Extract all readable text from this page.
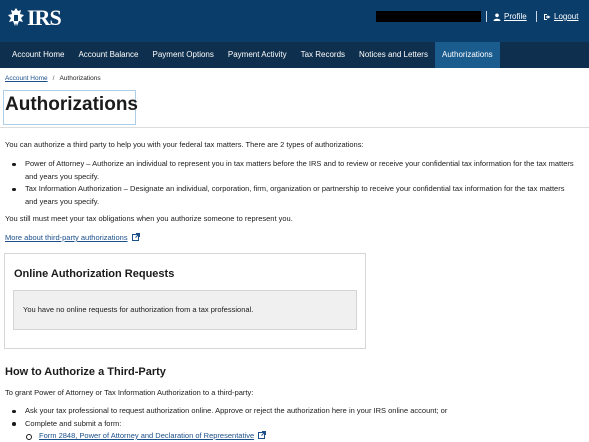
IRS	Profile	Logout
Account Home	Account Balance	Payment Options	Payment Activity	Tax Records	Notices and Letters	Authorizations
Account Home / Authorizations
Authorizations

You can authorize a third party to help you with your federal tax matters. There are 2 types of authorizations:

Power of Attorney – Authorize an individual to represent you in tax matters before the IRS and to review or receive your confidential tax information for the tax matters
and years you specify.
Tax Information Authorization – Designate an individual, corporation, firm, organization or partnership to receive your confidential tax information for the tax matters
and years you specify.

You still must meet your tax obligations when you authorize someone to represent you.

More about third-party authorizations

Online Authorization Requests
You have no online requests for authorization from a tax professional.
How to Authorize a Third-Party

To grant Power of Attorney or Tax Information Authorization to a third-party:

Ask your tax professional to request authorization online. Approve or reject the authorization here in your IRS online account; or
Complete and submit a form:
Form 2848, Power of Attorney and Declaration of Representative
